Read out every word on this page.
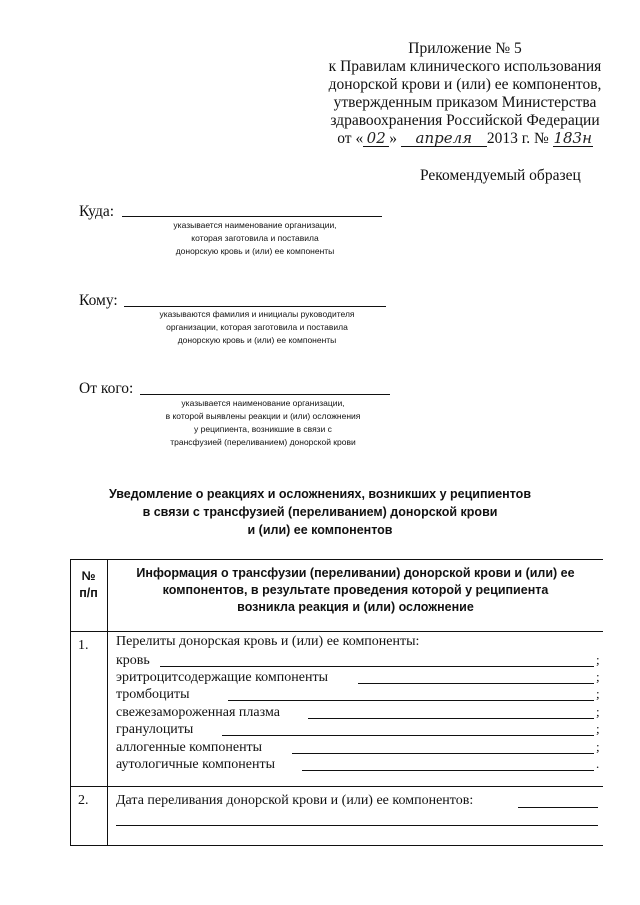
Приложение № 5
к Правилам клинического использования
донорской крови и (или) ее компонентов,
утвержденным приказом Министерства
здравоохранения Российской Федерации
от « 02 » апреля 2013 г. № 183н
Рекомендуемый образец
Куда:
указывается наименование организации,
которая заготовила и поставила
донорскую кровь и (или) ее компоненты
Кому:
указываются фамилия и инициалы руководителя
организации, которая заготовила и поставила
донорскую кровь и (или) ее компоненты
От кого:
указывается наименование организации,
в которой выявлены реакции и (или) осложнения
у реципиента, возникшие в связи с
трансфузией (переливанием) донорской крови
Уведомление о реакциях и осложнениях, возникших у реципиентов
в связи с трансфузией (переливанием) донорской крови
и (или) ее компонентов
№
п/п
Информация о трансфузии (переливании) донорской крови и (или) ее
компонентов, в результате проведения которой у реципиента
возникла реакция и (или) осложнение
1. Перелиты донорская кровь и (или) ее компоненты:
кровь	;
эритроцитсодержащие компоненты	;
тромбоциты	;
свежезамороженная плазма	;
гранулоциты	;
аллогенные компоненты	;
аутологичные компоненты	.
2. Дата переливания донорской крови и (или) ее компонентов:
